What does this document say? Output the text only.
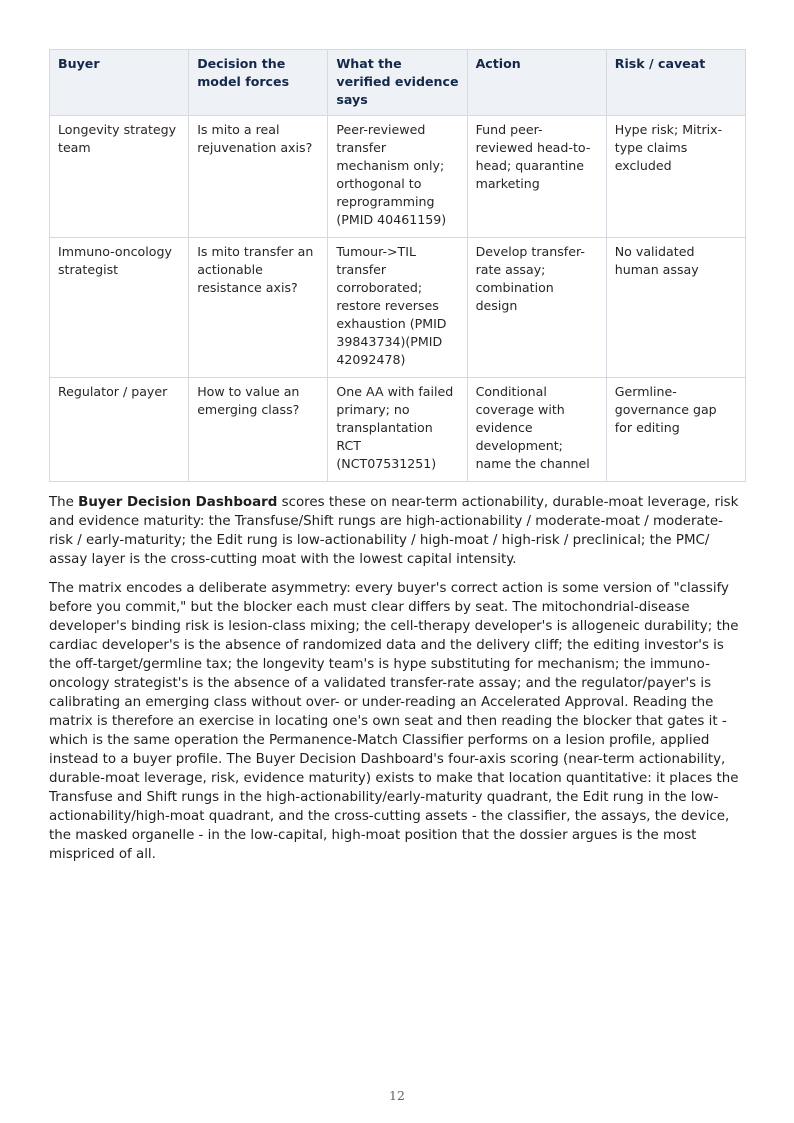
Buyer	Decision the model forces	What the verified evidence says	Action	Risk / caveat
Longevity strategy team	Is mito a real rejuvenation axis?	Peer-reviewed transfer mechanism only; orthogonal to reprogramming (PMID 40461159)	Fund peer-reviewed head-to-head; quarantine marketing	Hype risk; Mitrix-type claims excluded
Immuno-oncology strategist	Is mito transfer an actionable resistance axis?	Tumour->TIL transfer corroborated; restore reverses exhaustion (PMID 39843734)(PMID 42092478)	Develop transfer-rate assay; combination design	No validated human assay
Regulator / payer	How to value an emerging class?	One AA with failed primary; no transplantation RCT (NCT07531251)	Conditional coverage with evidence development; name the channel	Germline-governance gap for editing

The Buyer Decision Dashboard scores these on near-term actionability, durable-moat leverage, risk and evidence maturity: the Transfuse/Shift rungs are high-actionability / moderate-moat / moderate-risk / early-maturity; the Edit rung is low-actionability / high-moat / high-risk / preclinical; the PMC/ assay layer is the cross-cutting moat with the lowest capital intensity.

The matrix encodes a deliberate asymmetry: every buyer's correct action is some version of "classify before you commit," but the blocker each must clear differs by seat. The mitochondrial-disease developer's binding risk is lesion-class mixing; the cell-therapy developer's is allogeneic durability; the cardiac developer's is the absence of randomized data and the delivery cliff; the editing investor's is the off-target/germline tax; the longevity team's is hype substituting for mechanism; the immuno-oncology strategist's is the absence of a validated transfer-rate assay; and the regulator/payer's is calibrating an emerging class without over- or under-reading an Accelerated Approval. Reading the matrix is therefore an exercise in locating one's own seat and then reading the blocker that gates it - which is the same operation the Permanence-Match Classifier performs on a lesion profile, applied instead to a buyer profile. The Buyer Decision Dashboard's four-axis scoring (near-term actionability, durable-moat leverage, risk, evidence maturity) exists to make that location quantitative: it places the Transfuse and Shift rungs in the high-actionability/early-maturity quadrant, the Edit rung in the low-actionability/high-moat quadrant, and the cross-cutting assets - the classifier, the assays, the device, the masked organelle - in the low-capital, high-moat position that the dossier argues is the most mispriced of all.

12
